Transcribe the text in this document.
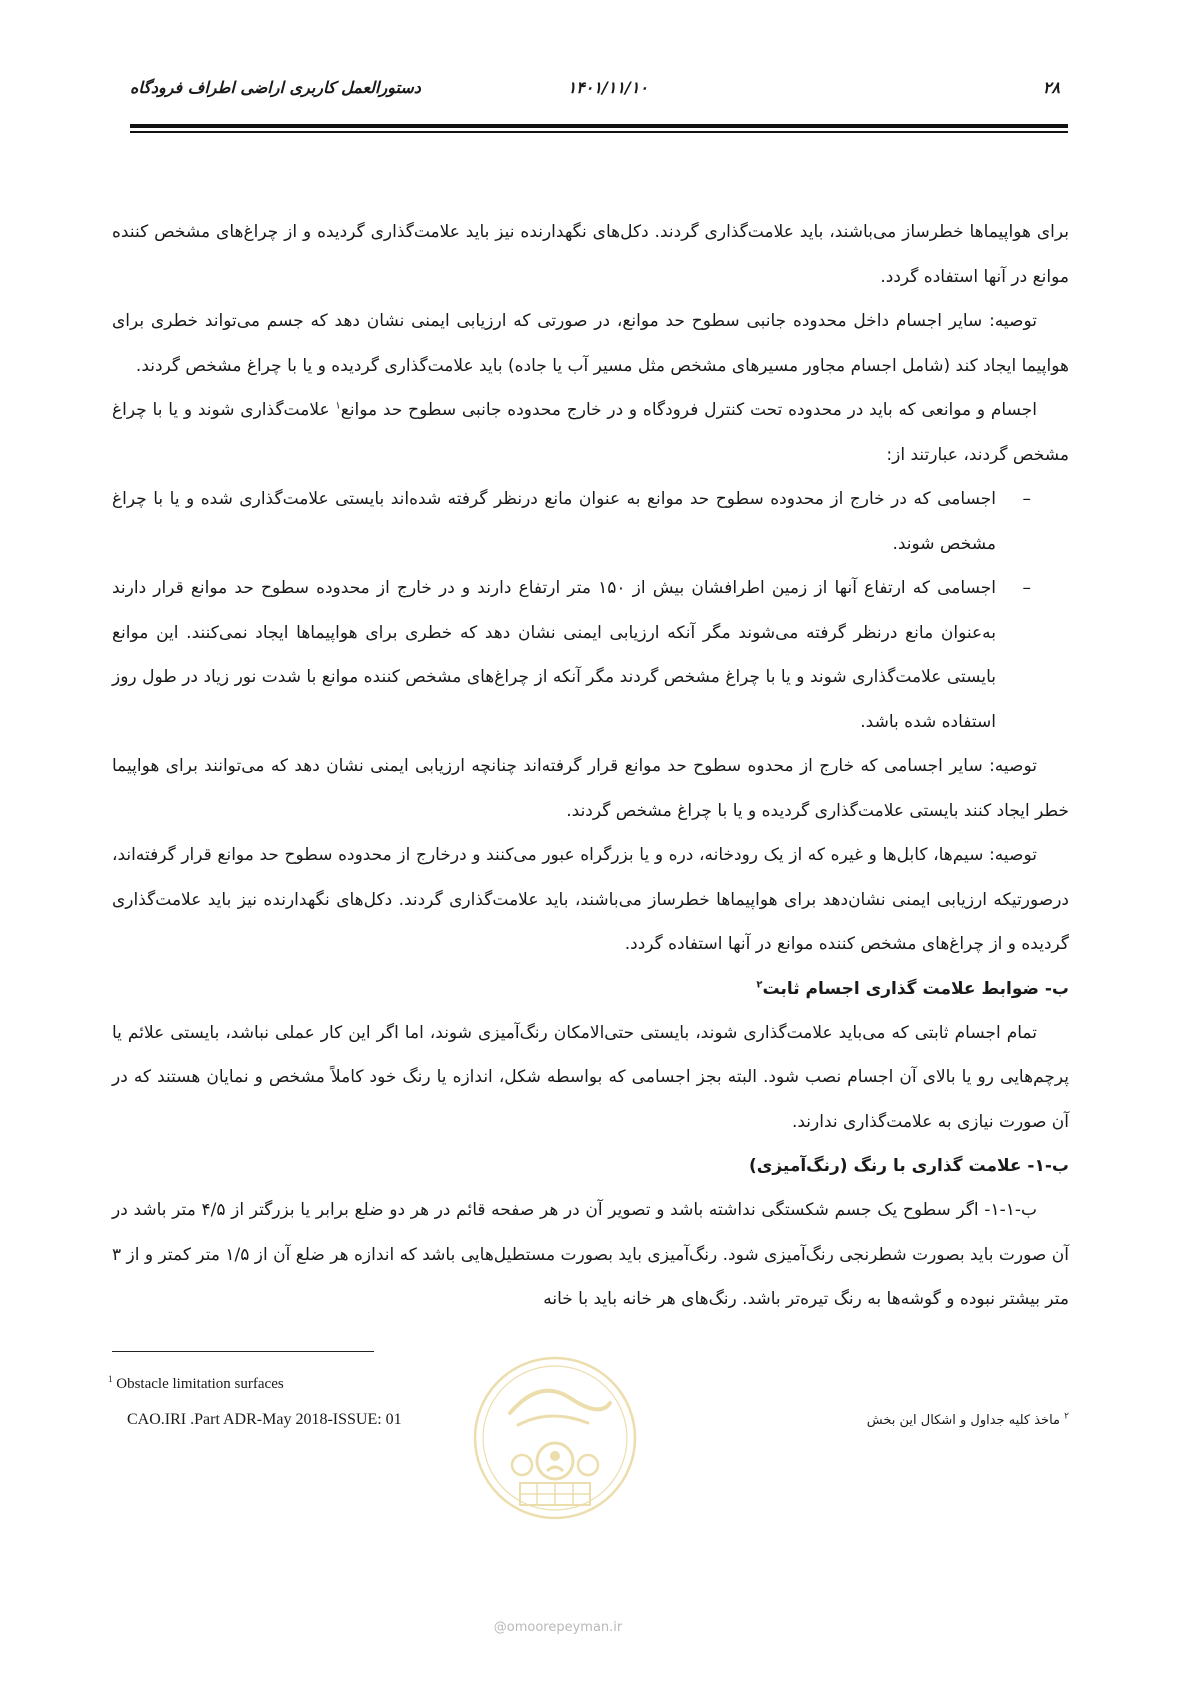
۲۸
۱۴۰۱/۱۱/۱۰
دستورالعمل کاربری اراضی اطراف فرودگاه

برای هواپیماها خطرساز می‌باشند، باید علامت‌گذاری گردند. دکل‌های نگهدارنده نیز باید علامت‌گذاری گردیده و از چراغ‌های مشخص کننده موانع در آنها استفاده گردد.

توصیه: سایر اجسام داخل محدوده جانبی سطوح حد موانع، در صورتی که ارزیابی ایمنی نشان دهد که جسم می‌تواند خطری برای هواپیما ایجاد کند (شامل اجسام مجاور مسیرهای مشخص مثل مسیر آب یا جاده) باید علامت‌گذاری گردیده و یا با چراغ مشخص گردند.

اجسام و موانعی که باید در محدوده تحت کنترل فرودگاه و در خارج محدوده جانبی سطوح حد موانع$^۱$ علامت‌گذاری شوند و یا با چراغ مشخص گردند، عبارتند از:

–
اجسامی که در خارج از محدوده سطوح حد موانع به عنوان مانع درنظر گرفته شده‌اند بایستی علامت‌گذاری شده و یا با چراغ مشخص شوند.
–
اجسامی که ارتفاع آنها از زمین اطرافشان بیش از ۱۵۰ متر ارتفاع دارند و در خارج از محدوده سطوح حد موانع قرار دارند به‌عنوان مانع درنظر گرفته می‌شوند مگر آنکه ارزیابی ایمنی نشان دهد که خطری برای هواپیماها ایجاد نمی‌کنند. این موانع بایستی علامت‌گذاری شوند و یا با چراغ مشخص گردند مگر آنکه از چراغ‌های مشخص کننده موانع با شدت نور زیاد در طول روز استفاده شده باشد.

توصیه: سایر اجسامی که خارج از محدوه سطوح حد موانع قرار گرفته‌اند چنانچه ارزیابی ایمنی نشان دهد که می‌توانند برای هواپیما خطر ایجاد کنند بایستی علامت‌گذاری گردیده و یا با چراغ مشخص گردند.

توصیه: سیم‌ها، کابل‌ها و غیره که از یک رودخانه، دره و یا بزرگراه عبور می‌کنند و درخارج از محدوده سطوح حد موانع قرار گرفته‌اند، درصورتیکه ارزیابی ایمنی نشان‌دهد برای هواپیماها خطرساز می‌باشند، باید علامت‌گذاری گردند. دکل‌های نگهدارنده نیز باید علامت‌گذاری گردیده و از چراغ‌های مشخص کننده موانع در آنها استفاده گردد.

ب- ضوابط علامت گذاری اجسام ثابت$^۲$

تمام اجسام ثابتی که می‌باید علامت‌گذاری شوند، بایستی حتی‌الامکان رنگ‌آمیزی شوند، اما اگر این کار عملی نباشد، بایستی علائم یا پرچم‌هایی رو یا بالای آن اجسام نصب شود. البته بجز اجسامی که بواسطه شکل، اندازه یا رنگ خود کاملاً مشخص و نمایان هستند که در آن صورت نیازی به علامت‌گذاری ندارند.

ب-۱- علامت گذاری با رنگ (رنگ‌آمیزی)

ب-۱-۱- اگر سطوح یک جسم شکستگی نداشته باشد و تصویر آن در هر صفحه قائم در هر دو ضلع برابر یا بزرگتر از ۴/۵ متر باشد در آن صورت باید بصورت شطرنجی رنگ‌آمیزی شود. رنگ‌آمیزی باید بصورت مستطیل‌هایی باشد که اندازه هر ضلع آن از ۱/۵ متر کمتر و از ۳ متر بیشتر نبوده و گوشه‌ها به رنگ تیره‌تر باشد. رنگ‌های هر خانه باید با خانه

$^1$ Obstacle limitation surfaces
CAO.IRI .Part ADR-May 2018-ISSUE: 01	$^۲$ ماخذ کلیه جداول و اشکال این بخش
@omoorepeyman.ir
